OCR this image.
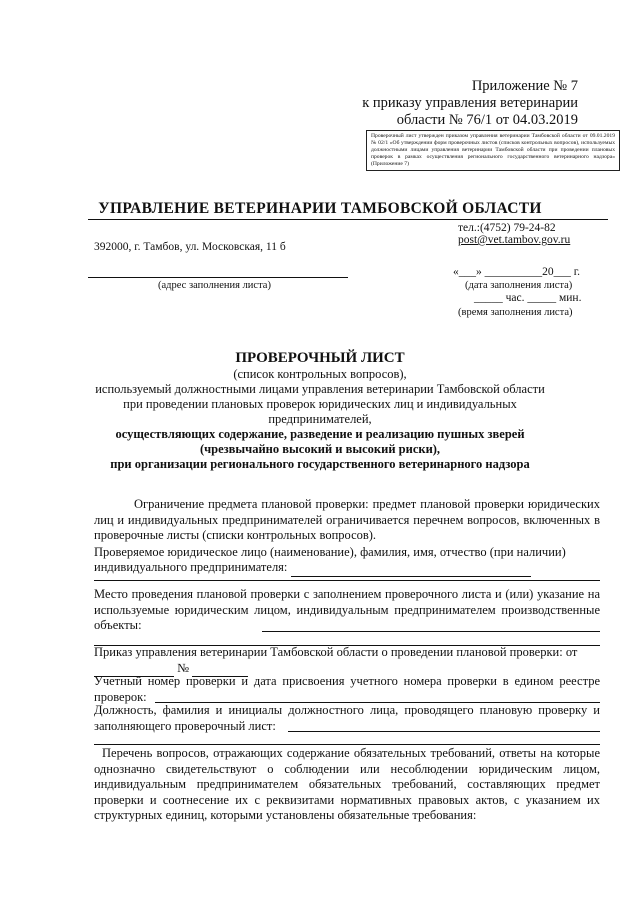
Приложение № 7
к приказу управления ветеринарии
области № 76/1 от 04.03.2019
Проверочный лист утвержден приказом управления ветеринарии Тамбовской области от 09.01.2019 № 02/1 «Об утверждении форм проверочных листов (списков контрольных вопросов), используемых должностными лицами управления ветеринарии Тамбовской области при проведении плановых проверок в рамках осуществления регионального государственного ветеринарного надзора» (Приложение 7)
УПРАВЛЕНИЕ ВЕТЕРИНАРИИ ТАМБОВСКОЙ ОБЛАСТИ
тел.:(4752) 79-24-82
392000, г. Тамбов, ул. Московская, 11 б
post@vet.tambov.gov.ru
(адрес заполнения листа)
«___» __________20___ г.
(дата заполнения листа)
_____ час. _____ мин.
(время заполнения листа)
ПРОВЕРОЧНЫЙ ЛИСТ
(список контрольных вопросов),
используемый должностными лицами управления ветеринарии Тамбовской области
при проведении плановых проверок юридических лиц и индивидуальных
предпринимателей,
осуществляющих содержание, разведение и реализацию пушных зверей
(чрезвычайно высокий и высокий риски),
при организации регионального государственного ветеринарного надзора
Ограничение предмета плановой проверки: предмет плановой проверки юридических лиц и индивидуальных предпринимателей ограничивается перечнем вопросов, включенных в проверочные листы (списки контрольных вопросов).
Проверяемое юридическое лицо (наименование), фамилия, имя, отчество (при наличии)
индивидуального предпринимателя:
Место проведения плановой проверки с заполнением проверочного листа и (или) указание на используемые юридическим лицом, индивидуальным предпринимателем производственные объекты:
Приказ управления ветеринарии Тамбовской области о проведении плановой проверки: от
№
Учетный номер проверки и дата присвоения учетного номера проверки в едином реестре проверок:
Должность, фамилия и инициалы должностного лица, проводящего плановую проверку и заполняющего проверочный лист:
Перечень вопросов, отражающих содержание обязательных требований, ответы на которые однозначно свидетельствуют о соблюдении или несоблюдении юридическим лицом, индивидуальным предпринимателем обязательных требований, составляющих предмет проверки и соотнесение их с реквизитами нормативных правовых актов, с указанием их структурных единиц, которыми установлены обязательные требования:
